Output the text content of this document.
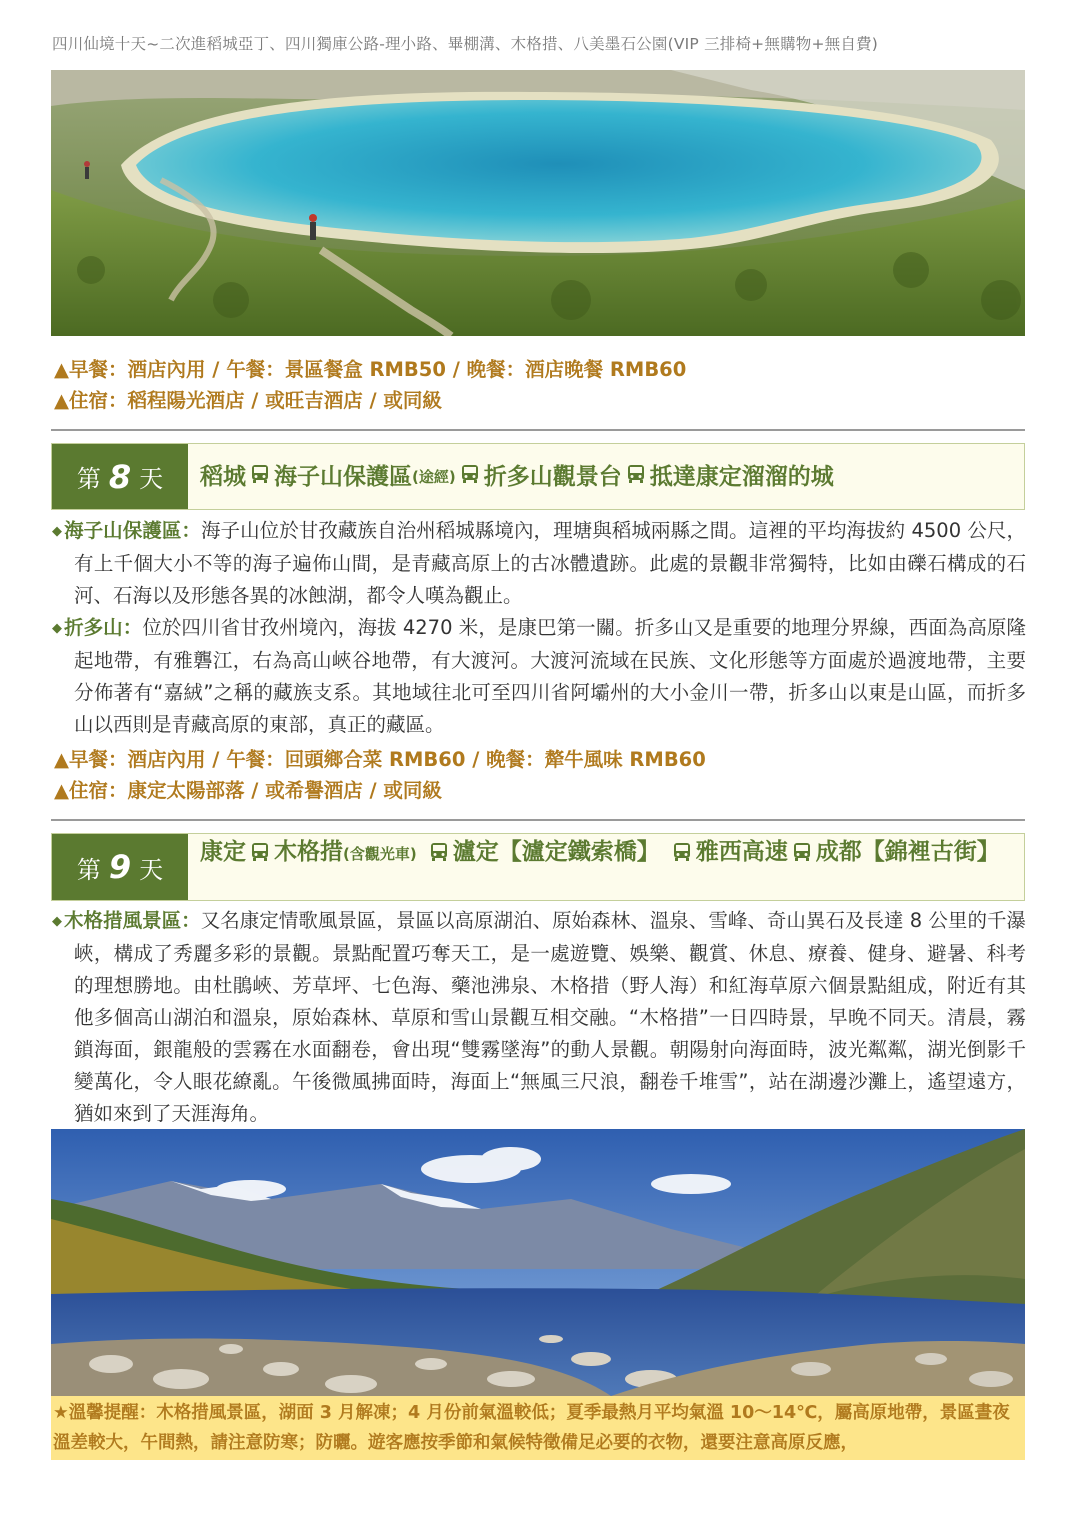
四川仙境十天~二次進稻城亞丁、四川獨庫公路-理小路、畢棚溝、木格措、八美墨石公園(VIP 三排椅+無購物+無自費)
▲早餐：酒店內用 / 午餐：景區餐盒 RMB50 / 晚餐：酒店晚餐 RMB60
▲住宿：稻程陽光酒店 / 或旺吉酒店 / 或同級
第 8 天 稻城 海子山保護區 (途經) 折多山觀景台 抵達康定溜溜的城
◆ 海子山保護區：海子山位於甘孜藏族自治州稻城縣境內，理塘與稻城兩縣之間。這裡的平均海拔約 4500 公尺，有上千個大小不等的海子遍佈山間，是青藏高原上的古冰體遺跡。此處的景觀非常獨特，比如由礫石構成的石河、石海以及形態各異的冰蝕湖，都令人嘆為觀止。
◆ 折多山：位於四川省甘孜州境內，海拔 4270 米，是康巴第一關。折多山又是重要的地理分界線，西面為高原隆起地帶，有雅礱江，右為高山峽谷地帶，有大渡河。大渡河流域在民族、文化形態等方面處於過渡地帶，主要分佈著有“嘉絨”之稱的藏族支系。其地域往北可至四川省阿壩州的大小金川一帶，折多山以東是山區，而折多山以西則是青藏高原的東部，真正的藏區。
▲早餐：酒店內用 / 午餐：回頭鄉合菜 RMB60 / 晚餐：犛牛風味 RMB60
▲住宿：康定太陽部落 / 或希譽酒店 / 或同級
第 9 天
康定 木格措(含觀光車) 瀘定【瀘定鐵索橋】 雅西高速 成都【錦裡古街】
◆ 木格措風景區：又名康定情歌風景區，景區以高原湖泊、原始森林、溫泉、雪峰、奇山異石及長達 8 公里的千瀑峽，構成了秀麗多彩的景觀。景點配置巧奪天工，是一處遊覽、娛樂、觀賞、休息、療養、健身、避暑、科考的理想勝地。由杜鵑峽、芳草坪、七色海、藥池沸泉、木格措（野人海）和紅海草原六個景點組成，附近有其他多個高山湖泊和溫泉，原始森林、草原和雪山景觀互相交融。“木格措”一日四時景，早晚不同天。清晨，霧鎖海面，銀龍般的雲霧在水面翻卷，會出現“雙霧墜海”的動人景觀。朝陽射向海面時，波光粼粼，湖光倒影千變萬化，令人眼花繚亂。午後微風拂面時，海面上“無風三尺浪，翻卷千堆雪”，站在湖邊沙灘上，遙望遠方，猶如來到了天涯海角。
★溫馨提醒：木格措風景區，湖面 3 月解凍；4 月份前氣溫較低；夏季最熱月平均氣溫 10～14℃，屬高原地帶，景區晝夜溫差較大，午間熱，請注意防寒；防曬。遊客應按季節和氣候特徵備足必要的衣物，還要注意高原反應，
